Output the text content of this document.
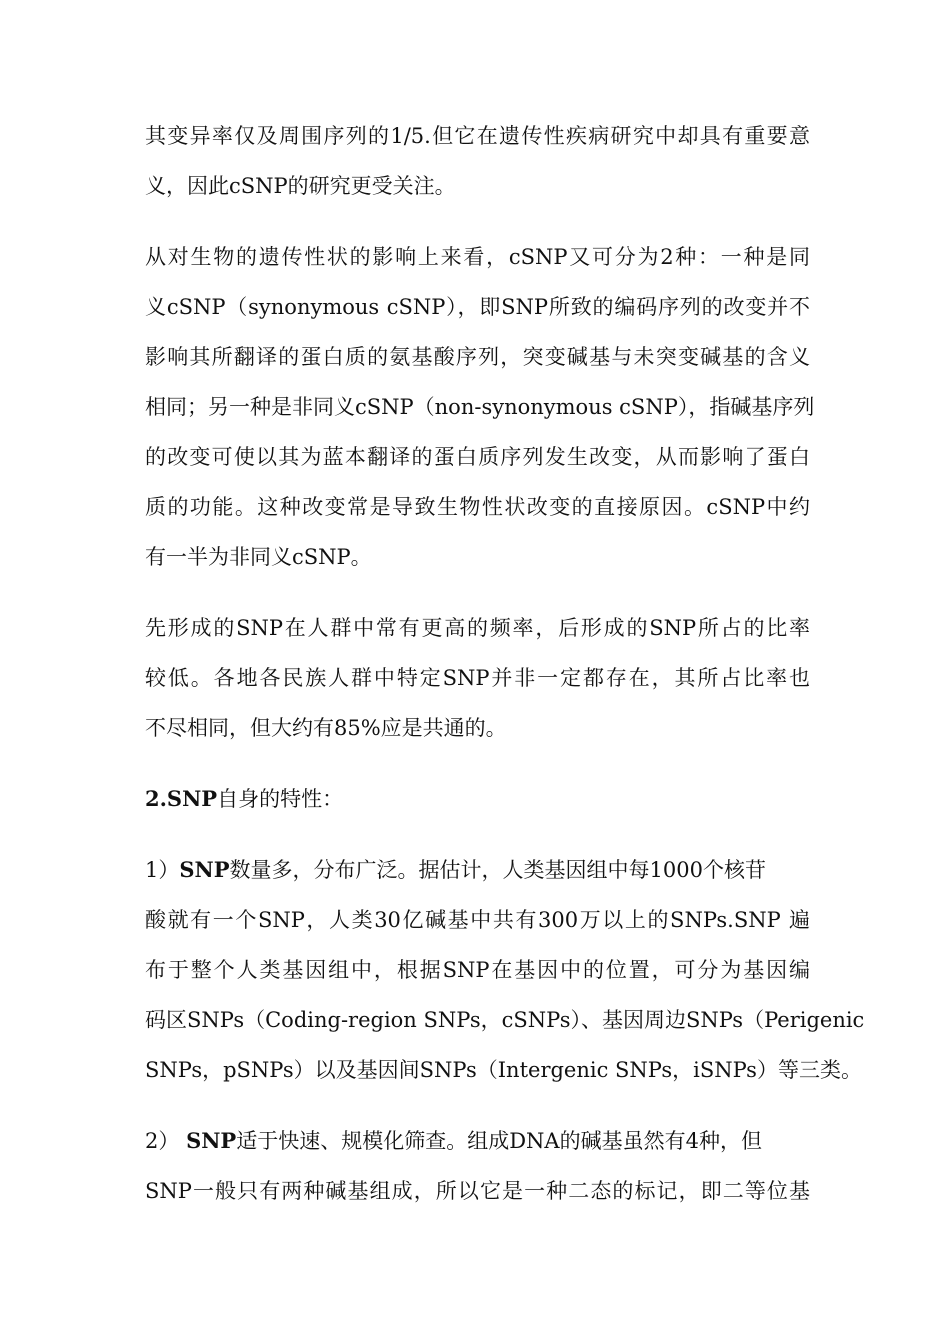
其变异率仅及周围序列的1/5.但它在遗传性疾病研究中却具有重要意
义，因此cSNP的研究更受关注。
从对生物的遗传性状的影响上来看，cSNP又可分为2种：一种是同
义cSNP（synonymous cSNP），即SNP所致的编码序列的改变并不
影响其所翻译的蛋白质的氨基酸序列，突变碱基与未突变碱基的含义
相同；另一种是非同义cSNP（non-synonymous cSNP），指碱基序列
的改变可使以其为蓝本翻译的蛋白质序列发生改变，从而影响了蛋白
质的功能。这种改变常是导致生物性状改变的直接原因。cSNP中约
有一半为非同义cSNP。
先形成的SNP在人群中常有更高的频率，后形成的SNP所占的比率
较低。各地各民族人群中特定SNP并非一定都存在，其所占比率也
不尽相同，但大约有85%应是共通的。
2.SNP自身的特性：
1）SNP数量多，分布广泛。据估计，人类基因组中每1000个核苷
酸就有一个SNP，人类30亿碱基中共有300万以上的SNPs.SNP 遍
布于整个人类基因组中，根据SNP在基因中的位置，可分为基因编
码区SNPs（Coding-region SNPs，cSNPs）、基因周边SNPs（Perigenic
SNPs，pSNPs）以及基因间SNPs（Intergenic SNPs，iSNPs）等三类。
2） SNP适于快速、规模化筛查。组成DNA的碱基虽然有4种，但
SNP一般只有两种碱基组成，所以它是一种二态的标记，即二等位基
